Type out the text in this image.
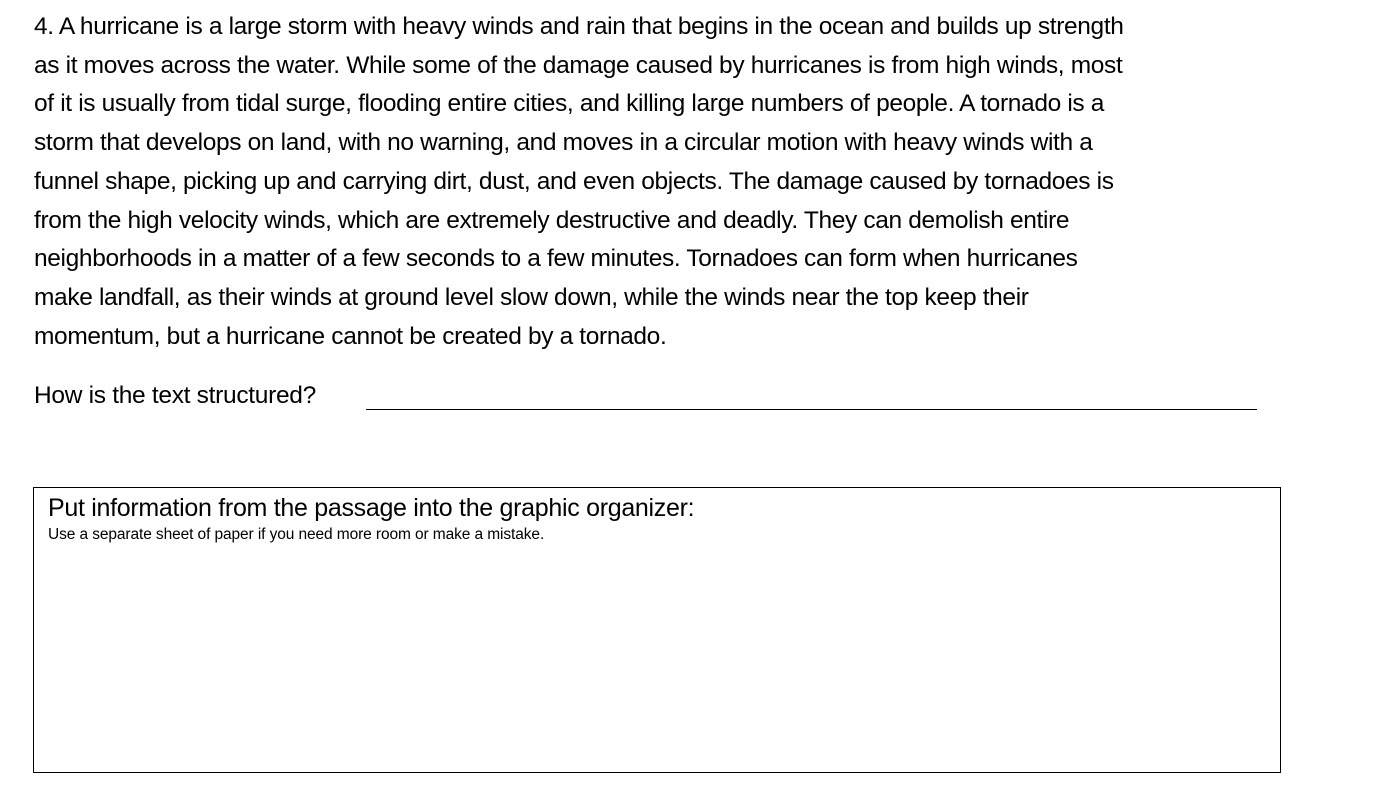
4. A hurricane is a large storm with heavy winds and rain that begins in the ocean and builds up strength
as it moves across the water. While some of the damage caused by hurricanes is from high winds, most
of it is usually from tidal surge, flooding entire cities, and killing large numbers of people. A tornado is a
storm that develops on land, with no warning, and moves in a circular motion with heavy winds with a
funnel shape, picking up and carrying dirt, dust, and even objects. The damage caused by tornadoes is
from the high velocity winds, which are extremely destructive and deadly. They can demolish entire
neighborhoods in a matter of a few seconds to a few minutes. Tornadoes can form when hurricanes
make landfall, as their winds at ground level slow down, while the winds near the top keep their
momentum, but a hurricane cannot be created by a tornado.
How is the text structured?
Put information from the passage into the graphic organizer:
Use a separate sheet of paper if you need more room or make a mistake.
